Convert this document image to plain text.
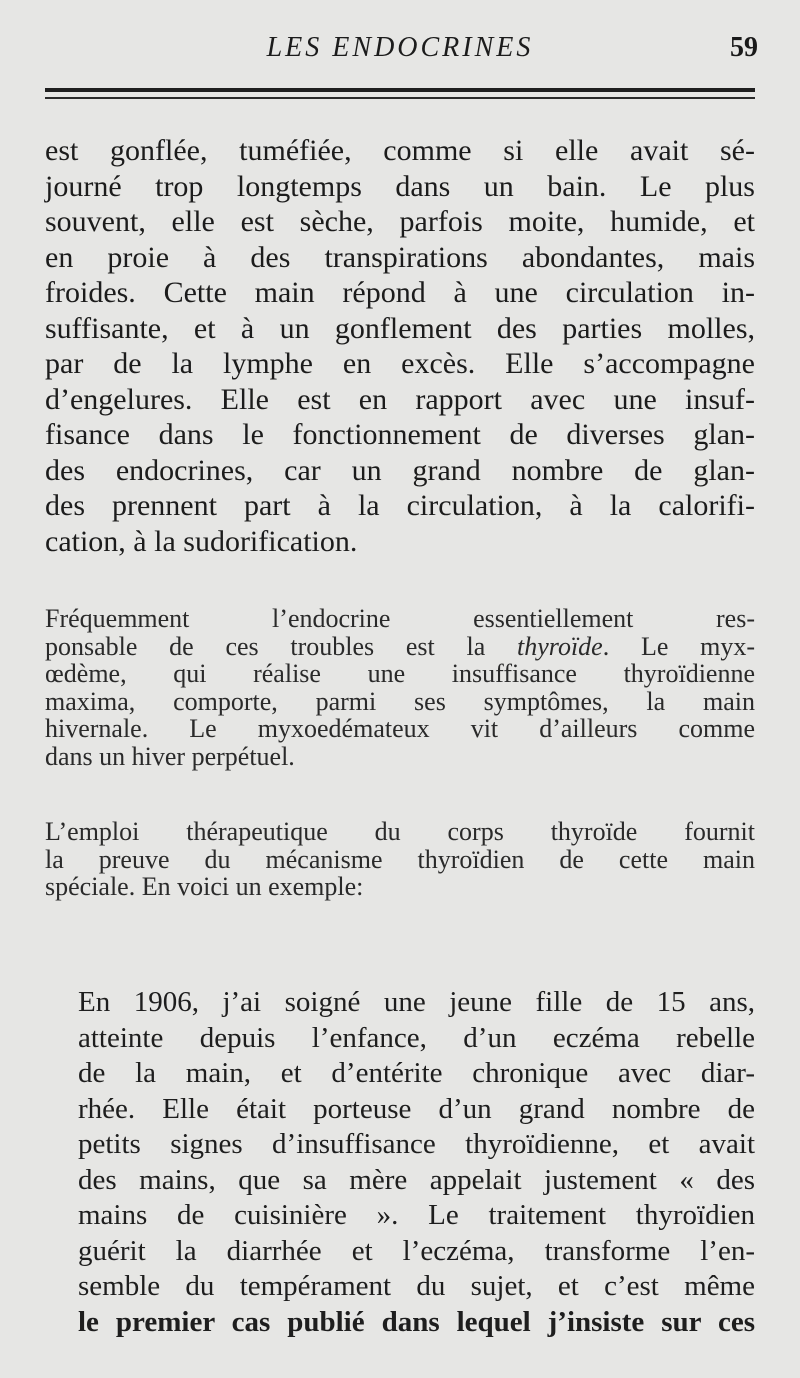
LES ENDOCRINES	59
est gonflée, tuméfiée, comme si elle avait sé-
journé trop longtemps dans un bain. Le plus
souvent, elle est sèche, parfois moite, humide, et
en proie à des transpirations abondantes, mais
froides. Cette main répond à une circulation in-
suffisante, et à un gonflement des parties molles,
par de la lymphe en excès. Elle s’accompagne
d’engelures. Elle est en rapport avec une insuf-
fisance dans le fonctionnement de diverses glan-
des endocrines, car un grand nombre de glan-
des prennent part à la circulation, à la calorifi-
cation, à la sudorification.
Fréquemment l’endocrine essentiellement res-
ponsable de ces troubles est la thyroïde. Le myx-
œdème, qui réalise une insuffisance thyroïdienne
maxima, comporte, parmi ses symptômes, la main
hivernale. Le myxoedémateux vit d’ailleurs comme
dans un hiver perpétuel.
L’emploi thérapeutique du corps thyroïde fournit
la preuve du mécanisme thyroïdien de cette main
spéciale. En voici un exemple:
En 1906, j’ai soigné une jeune fille de 15 ans,
atteinte depuis l’enfance, d’un eczéma rebelle
de la main, et d’entérite chronique avec diar-
rhée. Elle était porteuse d’un grand nombre de
petits signes d’insuffisance thyroïdienne, et avait
des mains, que sa mère appelait justement « des
mains de cuisinière ». Le traitement thyroïdien
guérit la diarrhée et l’eczéma, transforme l’en-
semble du tempérament du sujet, et c’est même
le premier cas publié dans lequel j’insiste sur ces
